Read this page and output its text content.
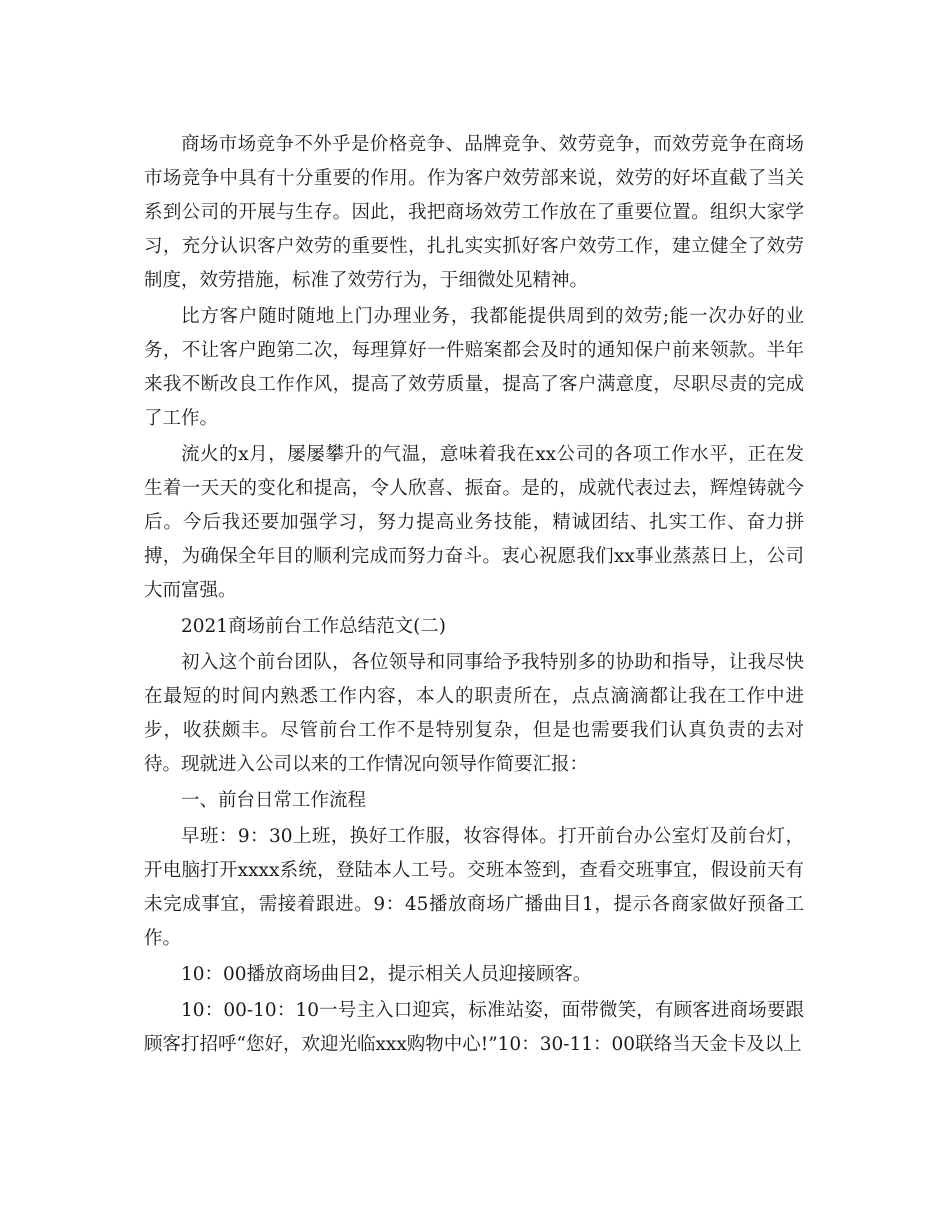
商场市场竞争不外乎是价格竞争、品牌竞争、效劳竞争，而效劳竞争在商场市场竞争中具有十分重要的作用。作为客户效劳部来说，效劳的好坏直截了当关系到公司的开展与生存。因此，我把商场效劳工作放在了重要位置。组织大家学习，充分认识客户效劳的重要性，扎扎实实抓好客户效劳工作，建立健全了效劳制度，效劳措施，标准了效劳行为，于细微处见精神。

比方客户随时随地上门办理业务，我都能提供周到的效劳;能一次办好的业务，不让客户跑第二次，每理算好一件赔案都会及时的通知保户前来领款。半年来我不断改良工作作风，提高了效劳质量，提高了客户满意度，尽职尽责的完成了工作。

流火的x月，屡屡攀升的气温，意味着我在xx公司的各项工作水平，正在发生着一天天的变化和提高，令人欣喜、振奋。是的，成就代表过去，辉煌铸就今后。今后我还要加强学习，努力提高业务技能，精诚团结、扎实工作、奋力拼搏，为确保全年目的顺利完成而努力奋斗。衷心祝愿我们xx事业蒸蒸日上，公司大而富强。

2021商场前台工作总结范文(二)

初入这个前台团队，各位领导和同事给予我特别多的协助和指导，让我尽快在最短的时间内熟悉工作内容，本人的职责所在，点点滴滴都让我在工作中进步，收获颇丰。尽管前台工作不是特别复杂，但是也需要我们认真负责的去对待。现就进入公司以来的工作情况向领导作简要汇报：

一、前台日常工作流程

早班：9：30上班，换好工作服，妆容得体。打开前台办公室灯及前台灯，开电脑打开xxxx系统，登陆本人工号。交班本签到，查看交班事宜，假设前天有未完成事宜，需接着跟进。9：45播放商场广播曲目1，提示各商家做好预备工作。

10：00播放商场曲目2，提示相关人员迎接顾客。

10：00-10：10一号主入口迎宾，标准站姿，面带微笑，有顾客进商场要跟顾客打招呼“您好，欢迎光临xxx购物中心!”10：30-11：00联络当天金卡及以上
